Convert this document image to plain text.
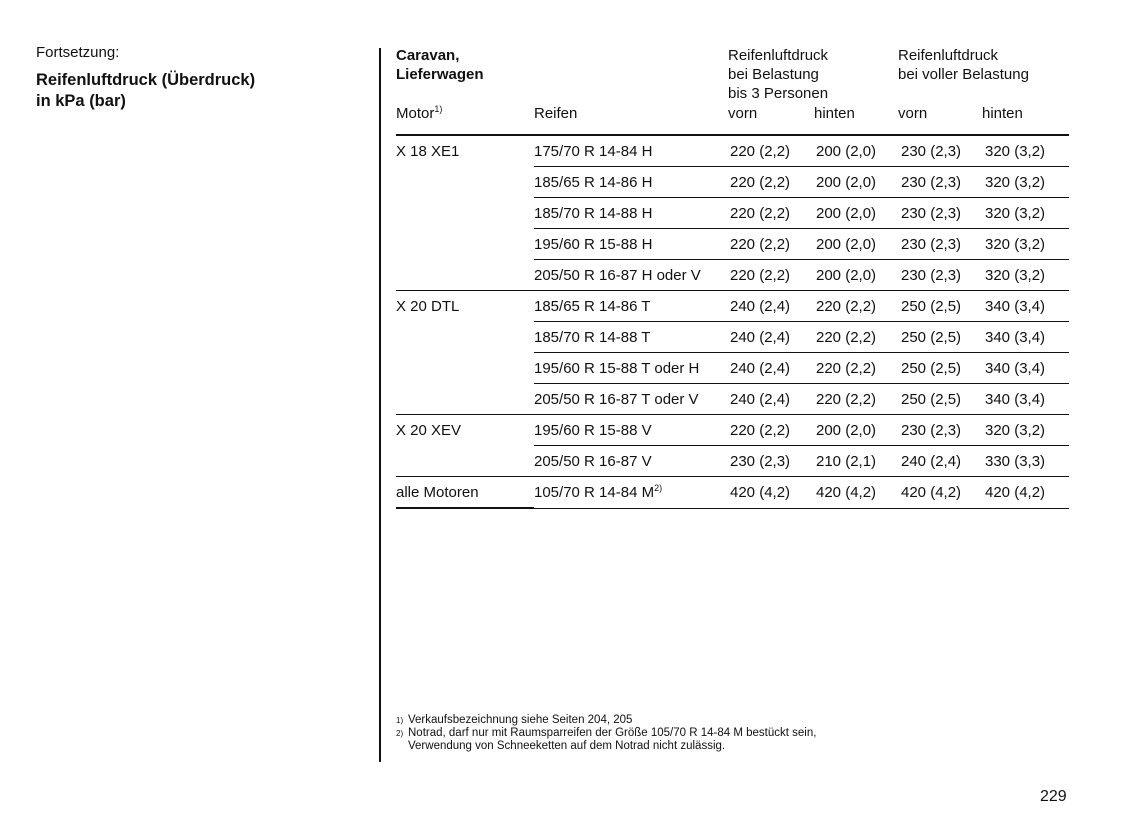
Fortsetzung:

Reifenluftdruck (Überdruck)

in kPa (bar)

Caravan,
Lieferwagen
Reifenluftdruck
bei Belastung
bis 3 Personen
Reifenluftdruck
bei voller Belastung
Motor$^{1)}$	Reifen	vorn	hinten	vorn	hinten
X 18 XE1	175/70 R 14-84 H	220 (2,2)	200 (2,0)	230 (2,3)	320 (3,2)
	185/65 R 14-86 H	220 (2,2)	200 (2,0)	230 (2,3)	320 (3,2)
	185/70 R 14-88 H	220 (2,2)	200 (2,0)	230 (2,3)	320 (3,2)
	195/60 R 15-88 H	220 (2,2)	200 (2,0)	230 (2,3)	320 (3,2)
	205/50 R 16-87 H oder V	220 (2,2)	200 (2,0)	230 (2,3)	320 (3,2)
X 20 DTL	185/65 R 14-86 T	240 (2,4)	220 (2,2)	250 (2,5)	340 (3,4)
	185/70 R 14-88 T	240 (2,4)	220 (2,2)	250 (2,5)	340 (3,4)
	195/60 R 15-88 T oder H	240 (2,4)	220 (2,2)	250 (2,5)	340 (3,4)
	205/50 R 16-87 T oder V	240 (2,4)	220 (2,2)	250 (2,5)	340 (3,4)
X 20 XEV	195/60 R 15-88 V	220 (2,2)	200 (2,0)	230 (2,3)	320 (3,2)
	205/50 R 16-87 V	230 (2,3)	210 (2,1)	240 (2,4)	330 (3,3)
alle Motoren	105/70 R 14-84 $M^{2)}$	420 (4,2)	420 (4,2)	420 (4,2)	420 (4,2)
1) Verkaufsbezeichnung siehe Seiten 204, 205
2) Notrad, darf nur mit Raumsparreifen der Größe 105/70 R 14-84 M bestückt sein,
Verwendung von Schneeketten auf dem Notrad nicht zulässig.
229
